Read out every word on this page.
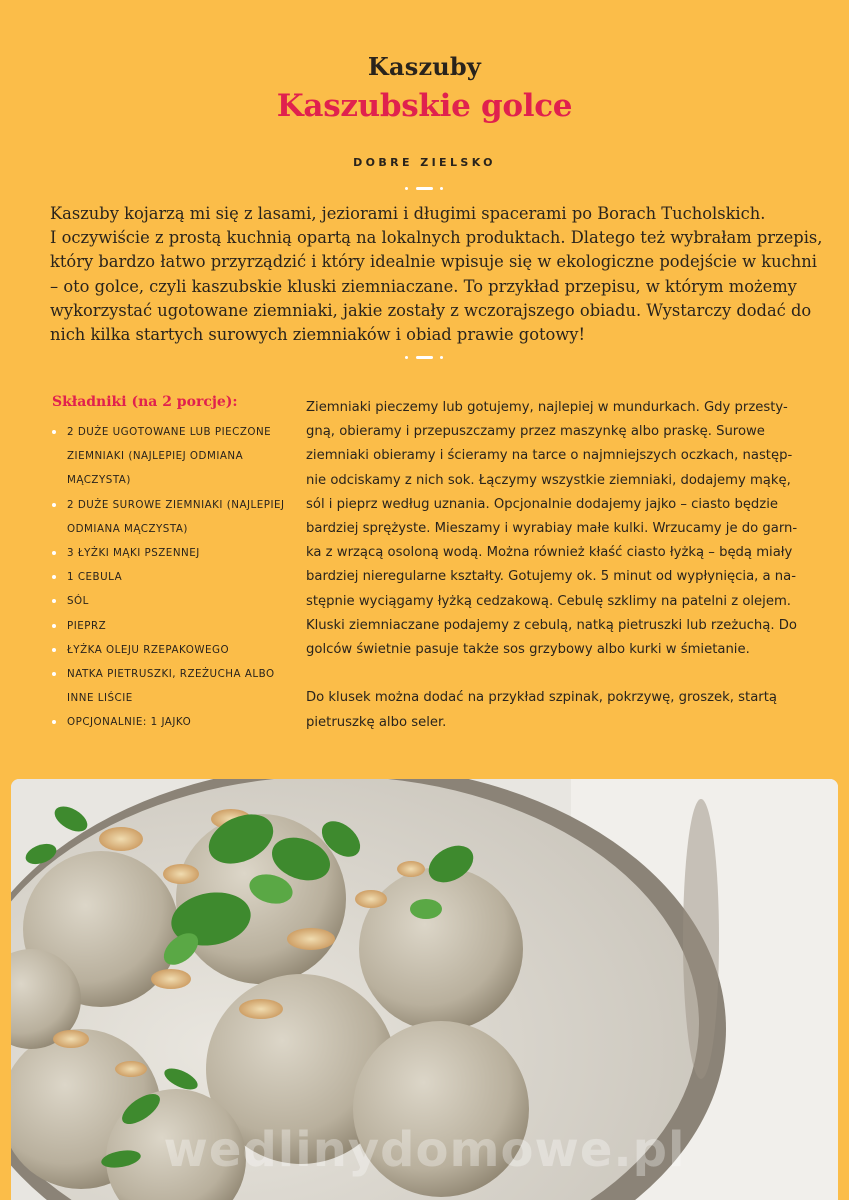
Kaszuby
Kaszubskie golce
DOBRE ZIELSKO
Kaszuby kojarzą mi się z lasami, jeziorami i długimi spacerami po Borach Tucholskich.
I oczywiście z prostą kuchnią opartą na lokalnych produktach. Dlatego też wybrałam przepis,
który bardzo łatwo przyrządzić i który idealnie wpisuje się w ekologiczne podejście w kuchni
– oto golce, czyli kaszubskie kluski ziemniaczane. To przykład przepisu, w którym możemy
wykorzystać ugotowane ziemniaki, jakie zostały z wczorajszego obiadu. Wystarczy dodać do
nich kilka startych surowych ziemniaków i obiad prawie gotowy!
Składniki (na 2 porcje):
2 DUŻE UGOTOWANE LUB PIECZONE
ZIEMNIAKI (NAJLEPIEJ ODMIANA
MĄCZYSTA)
2 DUŻE SUROWE ZIEMNIAKI (NAJLEPIEJ
ODMIANA MĄCZYSTA)
3 ŁYŻKI MĄKI PSZENNEJ
1 CEBULA
SÓL
PIEPRZ
ŁYŻKA OLEJU RZEPAKOWEGO
NATKA PIETRUSZKI, RZEŻUCHA ALBO
INNE LIŚCIE
OPCJONALNIE: 1 JAJKO
Ziemniaki pieczemy lub gotujemy, najlepiej w mundurkach. Gdy przesty-
gną, obieramy i przepuszczamy przez maszynkę albo praskę. Surowe
ziemniaki obieramy i ścieramy na tarce o najmniejszych oczkach, następ-
nie odciskamy z nich sok. Łączymy wszystkie ziemniaki, dodajemy mąkę,
sól i pieprz według uznania. Opcjonalnie dodajemy jajko – ciasto będzie
bardziej sprężyste. Mieszamy i wyrabiay małe kulki. Wrzucamy je do garn-
ka z wrzącą osoloną wodą. Można również kłaść ciasto łyżką – będą miały
bardziej nieregularne kształty. Gotujemy ok. 5 minut od wypłynięcia, a na-
stępnie wyciągamy łyżką cedzakową. Cebulę szklimy na patelni z olejem.
Kluski ziemniaczane podajemy z cebulą, natką pietruszki lub rzeżuchą. Do
golców świetnie pasuje także sos grzybowy albo kurki w śmietanie.
Do klusek można dodać na przykład szpinak, pokrzywę, groszek, startą
pietruszkę albo seler.
wedlinydomowe.pl
